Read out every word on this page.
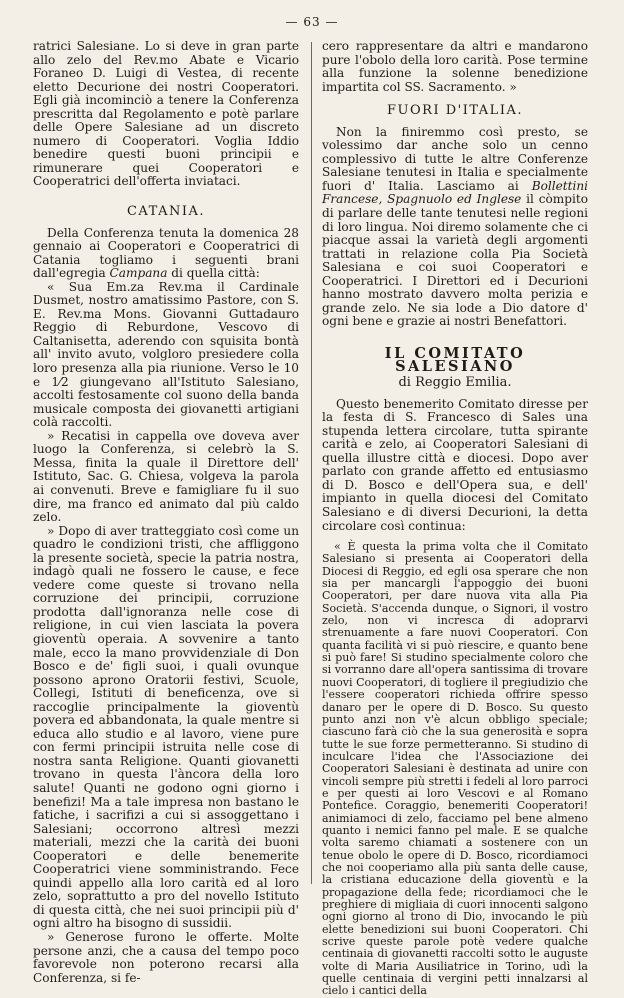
— 63 —

ratrici Salesiane. Lo si deve in gran parte allo zelo del Rev.mo Abate e Vicario Foraneo D. Luigi di Vestea, di recente eletto Decurione dei nostri Cooperatori. Egli già incominciò a tenere la Conferenza prescritta dal Regolamento e potè parlare delle Opere Salesiane ad un discreto numero di Cooperatori. Voglia Iddio benedire questi buoni principii e rimunerare quei Cooperatori e Cooperatrici dell'offerta inviataci.

CATANIA.

Della Conferenza tenuta la domenica 28 gennaio ai Cooperatori e Cooperatrici di Catania togliamo i seguenti brani dall'egregia Campana di quella città:

« Sua Em.za Rev.ma il Cardinale Dusmet, nostro amatissimo Pastore, con S. E. Rev.ma Mons. Giovanni Guttadauro Reggio di Reburdone, Vescovo di Caltanisetta, aderendo con squisita bontà all' invito avuto, volgloro presiedere colla loro presenza alla pia riunione. Verso le 10 e 1⁄2 giungevano all'Istituto Salesiano, accolti festosamente col suono della banda musicale composta dei giovanetti artigiani colà raccolti.

» Recatisi in cappella ove doveva aver luogo la Conferenza, si celebrò la S. Messa, finita la quale il Direttore dell' Istituto, Sac. G. Chiesa, volgeva la parola ai convenuti. Breve e famigliare fu il suo dire, ma franco ed animato dal più caldo zelo.

» Dopo di aver tratteggiato così come un quadro le condizioni tristi, che affliggono la presente società, specie la patria nostra, indagò quali ne fossero le cause, e fece vedere come queste si trovano nella corruzione dei principii, corruzione prodotta dall'ignoranza nelle cose di religione, in cui vien lasciata la povera gioventù operaia. A sovvenire a tanto male, ecco la mano provvidenziale di Don Bosco e de' figli suoi, i quali ovunque possono aprono Oratorii festivi, Scuole, Collegi, Istituti di beneficenza, ove si raccoglie principalmente la gioventù povera ed abbandonata, la quale mentre si educa allo studio e al lavoro, viene pure con fermi principii istruita nelle cose di nostra santa Religione. Quanti giovanetti trovano in questa l'àncora della loro salute! Quanti ne godono ogni giorno i benefizi! Ma a tale impresa non bastano le fatiche, i sacrifizi a cui si assoggettano i Salesiani; occorrono altresì mezzi materiali, mezzi che la carità dei buoni Cooperatori e delle benemerite Cooperatrici viene somministrando. Fece quindi appello alla loro carità ed al loro zelo, soprattutto a pro del novello Istituto di questa città, che nei suoi principii più d' ogni altro ha bisogno di sussidii.

» Generose furono le offerte. Molte persone anzi, che a causa del tempo poco favorevole non poterono recarsi alla Conferenza, si fe-

cero rappresentare da altri e mandarono pure l'obolo della loro carità. Pose termine alla funzione la solenne benedizione impartita col SS. Sacramento. »

FUORI D'ITALIA.

Non la finiremmo così presto, se volessimo dar anche solo un cenno complessivo di tutte le altre Conferenze Salesiane tenutesi in Italia e specialmente fuori d' Italia. Lasciamo ai Bollettini Francese, Spagnuolo ed Inglese il còmpito di parlare delle tante tenutesi nelle regioni di loro lingua. Noi diremo solamente che ci piacque assai la varietà degli argomenti trattati in relazione colla Pia Società Salesiana e coi suoi Cooperatori e Cooperatrici. I Direttori ed i Decurioni hanno mostrato davvero molta perizia e grande zelo. Ne sia lode a Dio datore d' ogni bene e grazie ai nostri Benefattori.

IL COMITATO SALESIANO
di Reggio Emilia.

Questo benemerito Comitato diresse per la festa di S. Francesco di Sales una stupenda lettera circolare, tutta spirante carità e zelo, ai Cooperatori Salesiani di quella illustre città e diocesi. Dopo aver parlato con grande affetto ed entusiasmo di D. Bosco e dell'Opera sua, e dell' impianto in quella diocesi del Comitato Salesiano e di diversi Decurioni, la detta circolare così continua:

« È questa la prima volta che il Comitato Salesiano si presenta ai Cooperatori della Diocesi di Reggio, ed egli osa sperare che non sia per mancargli l'appoggio dei buoni Cooperatori, per dare nuova vita alla Pia Società. S'accenda dunque, o Signori, il vostro zelo, non vi incresca di adoprarvi strenuamente a fare nuovi Cooperatori. Con quanta facilità vi si può riescire, e quanto bene si può fare! Si studino specialmente coloro che si vorranno dare all'opera santissima di trovare nuovi Cooperatori, di togliere il pregiudizio che l'essere cooperatori richieda offrire spesso danaro per le opere di D. Bosco. Su questo punto anzi non v'è alcun obbligo speciale; ciascuno farà ciò che la sua generosità e sopra tutte le sue forze permetteranno. Si studino di inculcare l'idea che l'Associazione dei Cooperatori Salesiani è destinata ad unire con vincoli sempre più stretti i fedeli al loro parroci e per questi ai loro Vescovi e al Romano Pontefice. Coraggio, benemeriti Cooperatori! animiamoci di zelo, facciamo pel bene almeno quanto i nemici fanno pel male. E se qualche volta saremo chiamati a sostenere con un tenue obolo le opere di D. Bosco, ricordiamoci che noi cooperiamo alla più santa delle cause, la cristiana educazione della gioventù e la propagazione della fede; ricordiamoci che le preghiere di migliaia di cuori innocenti salgono ogni giorno al trono di Dio, invocando le più elette benedizioni sui buoni Cooperatori. Chi scrive queste parole potè vedere qualche centinaia di giovanetti raccolti sotto le auguste volte di Maria Ausiliatrice in Torino, udì la quelle centinaia di vergini petti innalzarsi al cielo i cantici della
